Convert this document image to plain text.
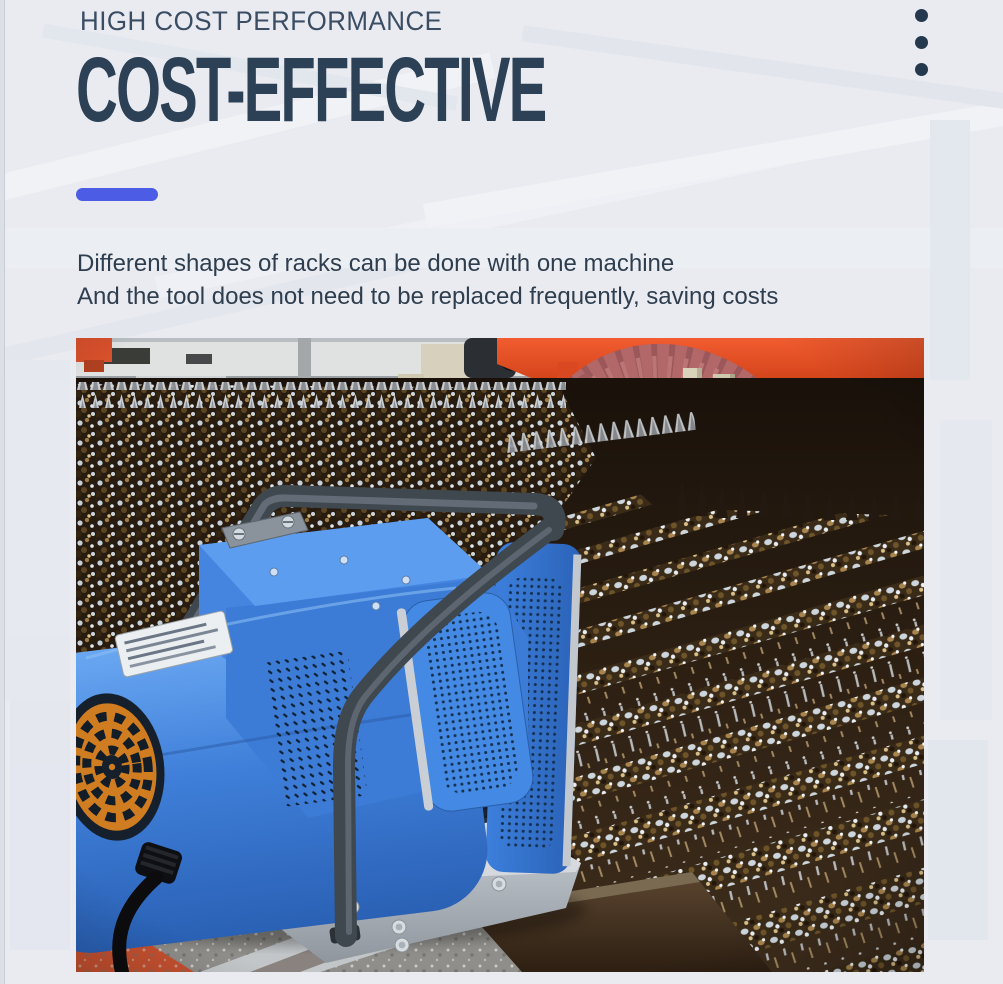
HIGH COST PERFORMANCE
COST-EFFECTIVE
Different shapes of racks can be done with one machine
And the tool does not need to be replaced frequently, saving costs
